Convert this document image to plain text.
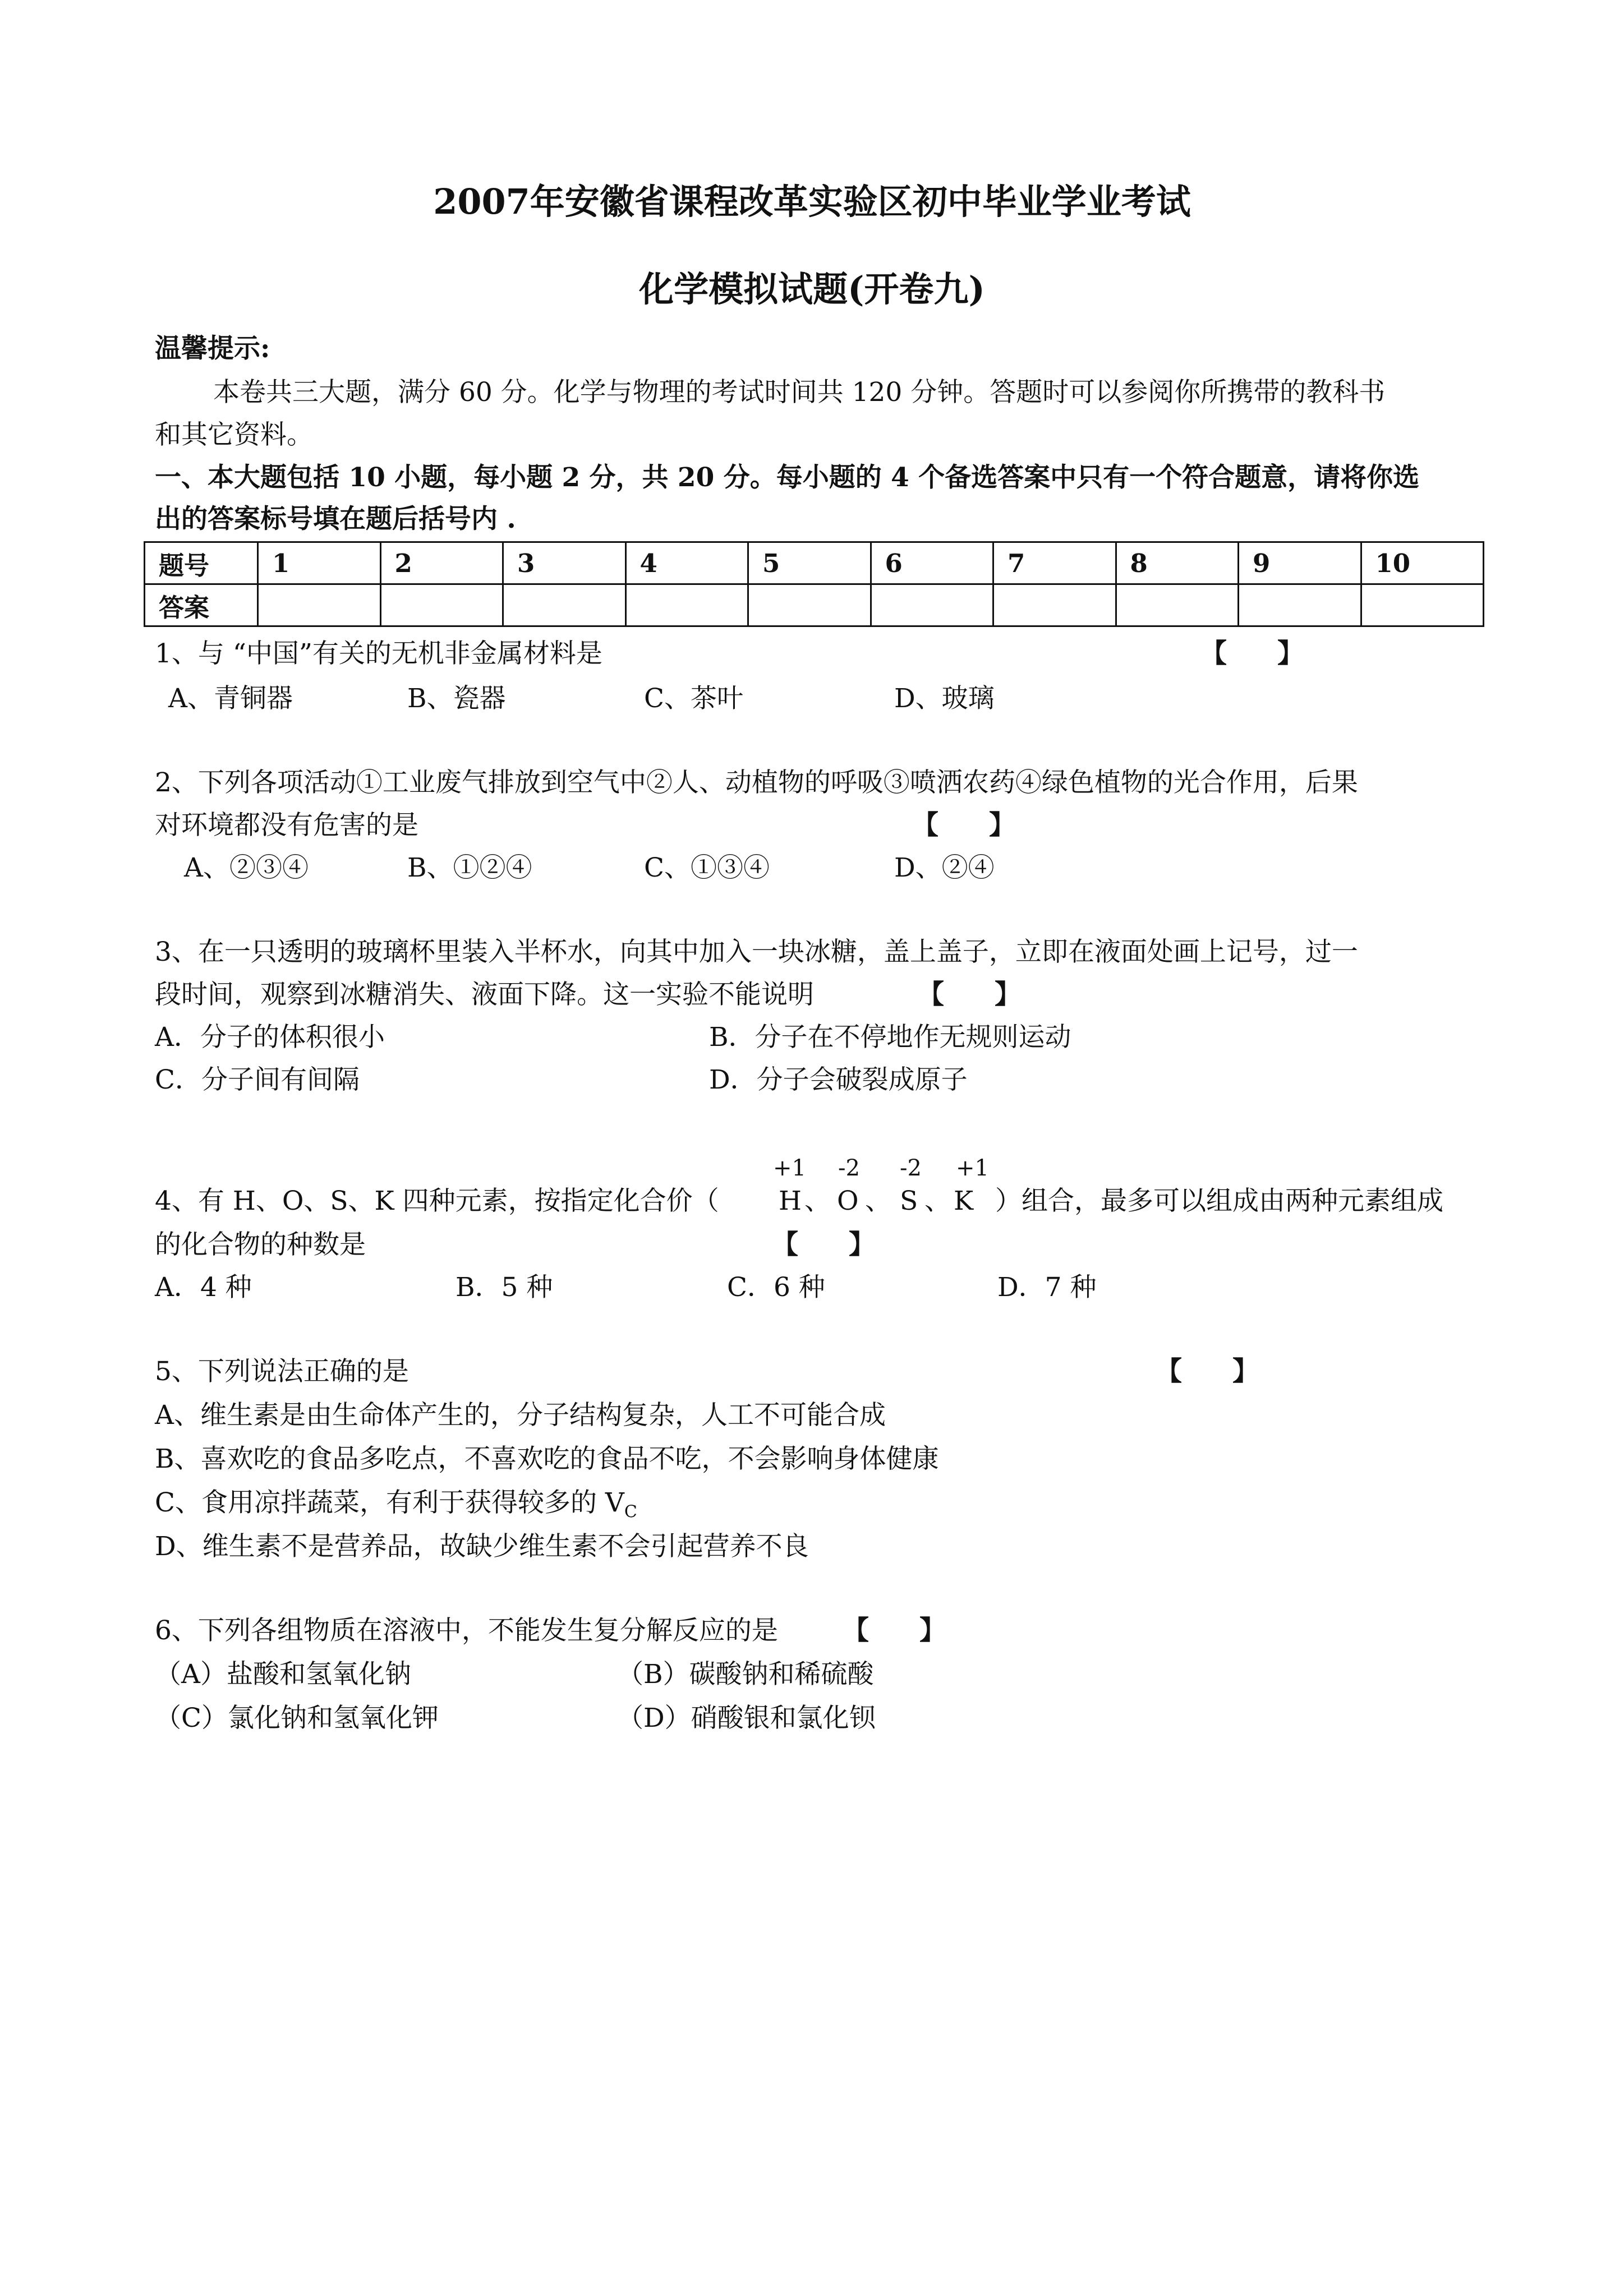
2007年安徽省课程改革实验区初中毕业学业考试
化学模拟试题(开卷九)
温馨提示:
本卷共三大题，满分 60 分。化学与物理的考试时间共 120 分钟。答题时可以参阅你所携带的教科书
和其它资料。
一、本大题包括 10 小题，每小题 2 分，共 20 分。每小题的 4 个备选答案中只有一个符合题意，请将你选
出的答案标号填在题后括号内 .
题号	1	2	3	4	5	6	7	8	9	10
答案										
1、与 “中国”有关的无机非金属材料是	【 】
A、青铜器	B、瓷器	C、茶叶	D、玻璃
2、下列各项活动①工业废气排放到空气中②人、动植物的呼吸③喷洒农药④绿色植物的光合作用，后果
对环境都没有危害的是	【 】
A、②③④	B、①②④	C、①③④	D、②④
3、在一只透明的玻璃杯里装入半杯水，向其中加入一块冰糖，盖上盖子，立即在液面处画上记号，过一
段时间，观察到冰糖消失、液面下降。这一实验不能说明	【 】
A．分子的体积很小	B．分子在不停地作无规则运动
C．分子间有间隔	D．分子会破裂成原子
+1 -2 -2 +1
4、有 H、O、S、K 四种元素，按指定化合价（ H 、 O 、 S 、 K ）组合，最多可以组成由两种元素组成
的化合物的种数是	【 】
A．4 种	B．5 种	C．6 种	D．7 种
5、下列说法正确的是	【 】
A、维生素是由生命体产生的，分子结构复杂，人工不可能合成
B、喜欢吃的食品多吃点，不喜欢吃的食品不吃，不会影响身体健康
C、食用凉拌蔬菜，有利于获得较多的 $V_C$
D、维生素不是营养品，故缺少维生素不会引起营养不良
6、下列各组物质在溶液中，不能发生复分解反应的是 【 】
（A）盐酸和氢氧化钠	（B）碳酸钠和稀硫酸
（C）氯化钠和氢氧化钾	（D）硝酸银和氯化钡
